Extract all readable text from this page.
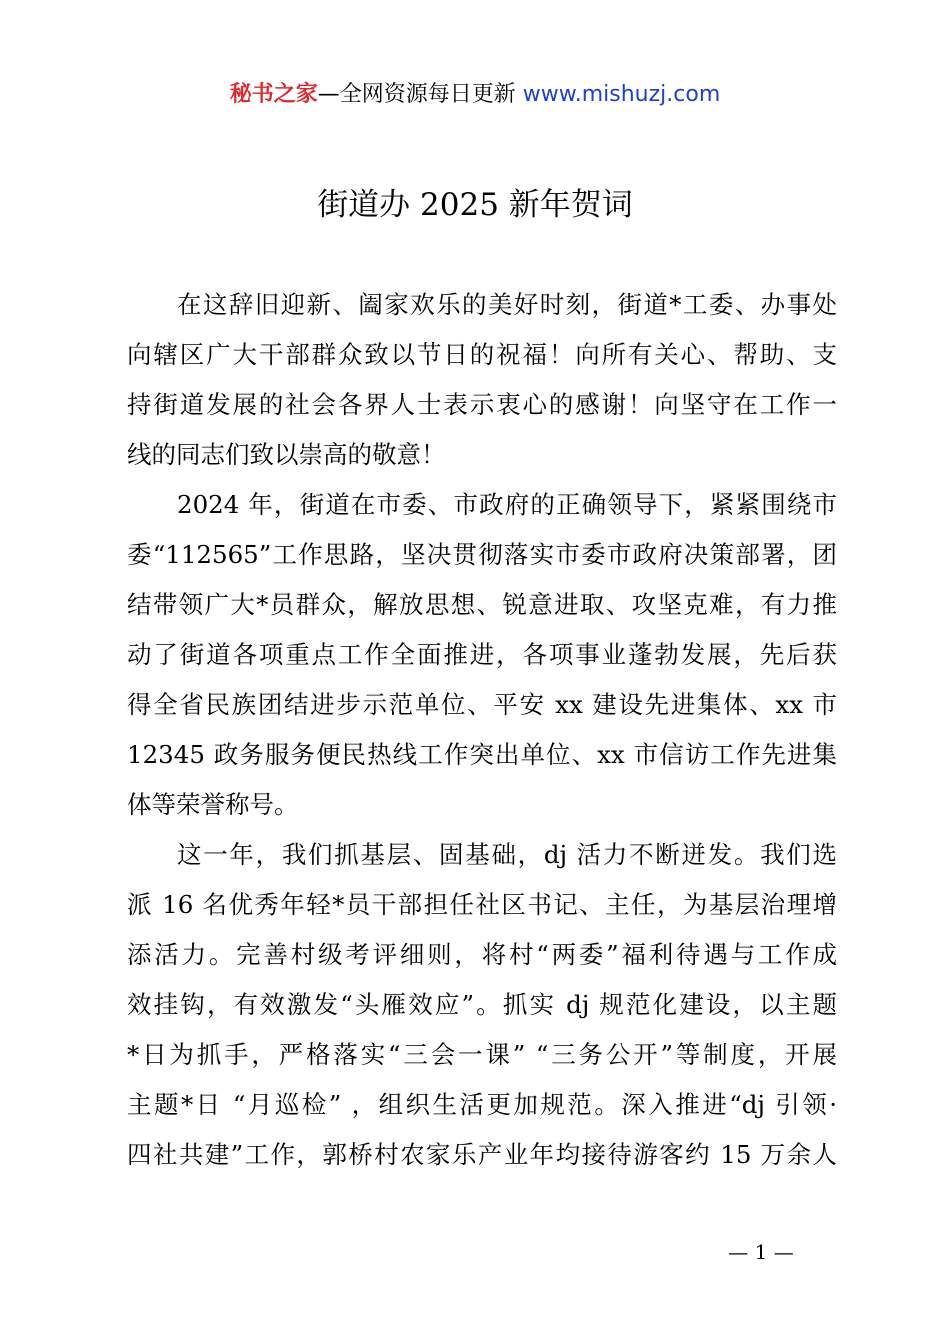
秘书之家—全网资源每日更新 www.mishuzj.com
街道办 2025 新年贺词
在这辞旧迎新、阖家欢乐的美好时刻，街道*工委、办事处
向辖区广大干部群众致以节日的祝福！向所有关心、帮助、支
持街道发展的社会各界人士表示衷心的感谢！向坚守在工作一
线的同志们致以崇高的敬意！
2024 年，街道在市委、市政府的正确领导下，紧紧围绕市
委“112565”工作思路，坚决贯彻落实市委市政府决策部署，团
结带领广大*员群众，解放思想、锐意进取、攻坚克难，有力推
动了街道各项重点工作全面推进，各项事业蓬勃发展，先后获
得全省民族团结进步示范单位、平安 xx 建设先进集体、xx 市
12345 政务服务便民热线工作突出单位、xx 市信访工作先进集
体等荣誉称号。
这一年，我们抓基层、固基础，dj 活力不断迸发。我们选
派 16 名优秀年轻*员干部担任社区书记、主任，为基层治理增
添活力。完善村级考评细则，将村“两委”福利待遇与工作成
效挂钩，有效激发“头雁效应”。抓实 dj 规范化建设，以主题
*日为抓手，严格落实“三会一课” “三务公开”等制度，开展
主题*日 “月巡检” ，组织生活更加规范。深入推进“dj 引领·
四社共建”工作，郭桥村农家乐产业年均接待游客约 15 万余人
— 1 —
